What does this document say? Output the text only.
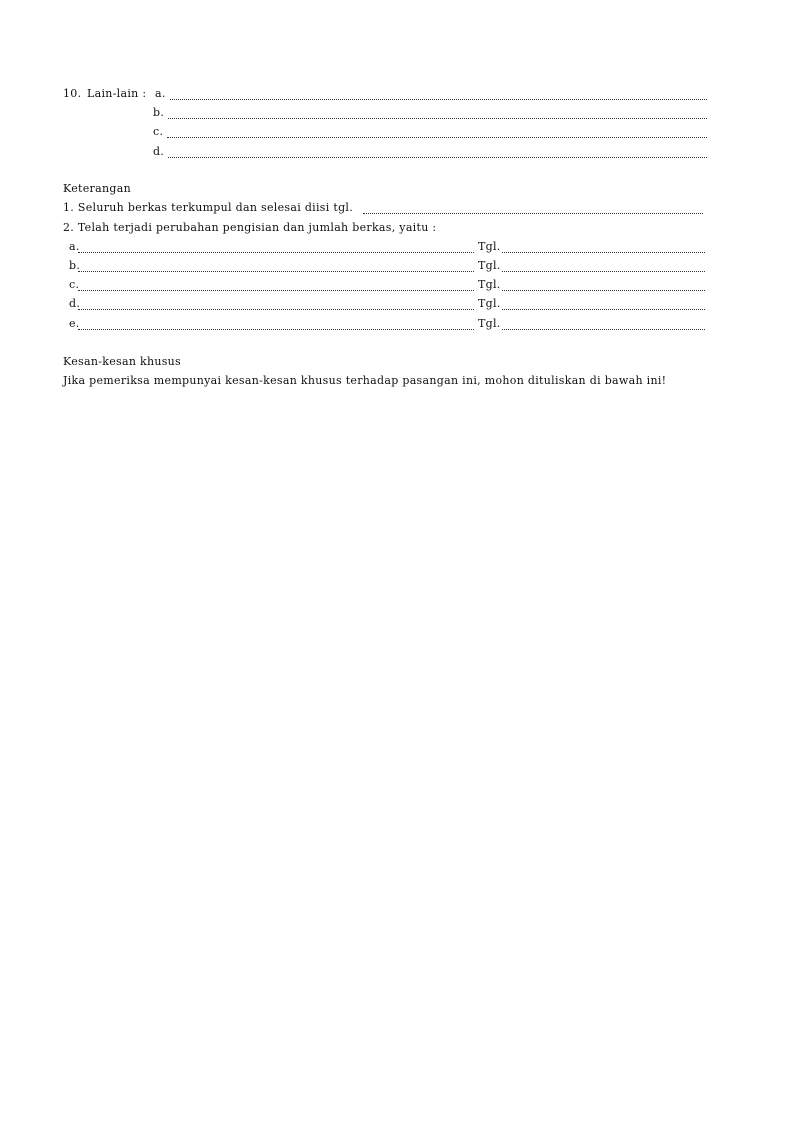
10. Lain-lain : a.
b.
c.
d.
Keterangan
1. Seluruh berkas terkumpul dan selesai diisi tgl.
2. Telah terjadi perubahan pengisian dan jumlah berkas, yaitu :
a.	Tgl.
b.	Tgl.
c.	Tgl.
d.	Tgl.
e.	Tgl.
Kesan-kesan khusus
Jika pemeriksa mempunyai kesan-kesan khusus terhadap pasangan ini, mohon dituliskan di bawah ini!
